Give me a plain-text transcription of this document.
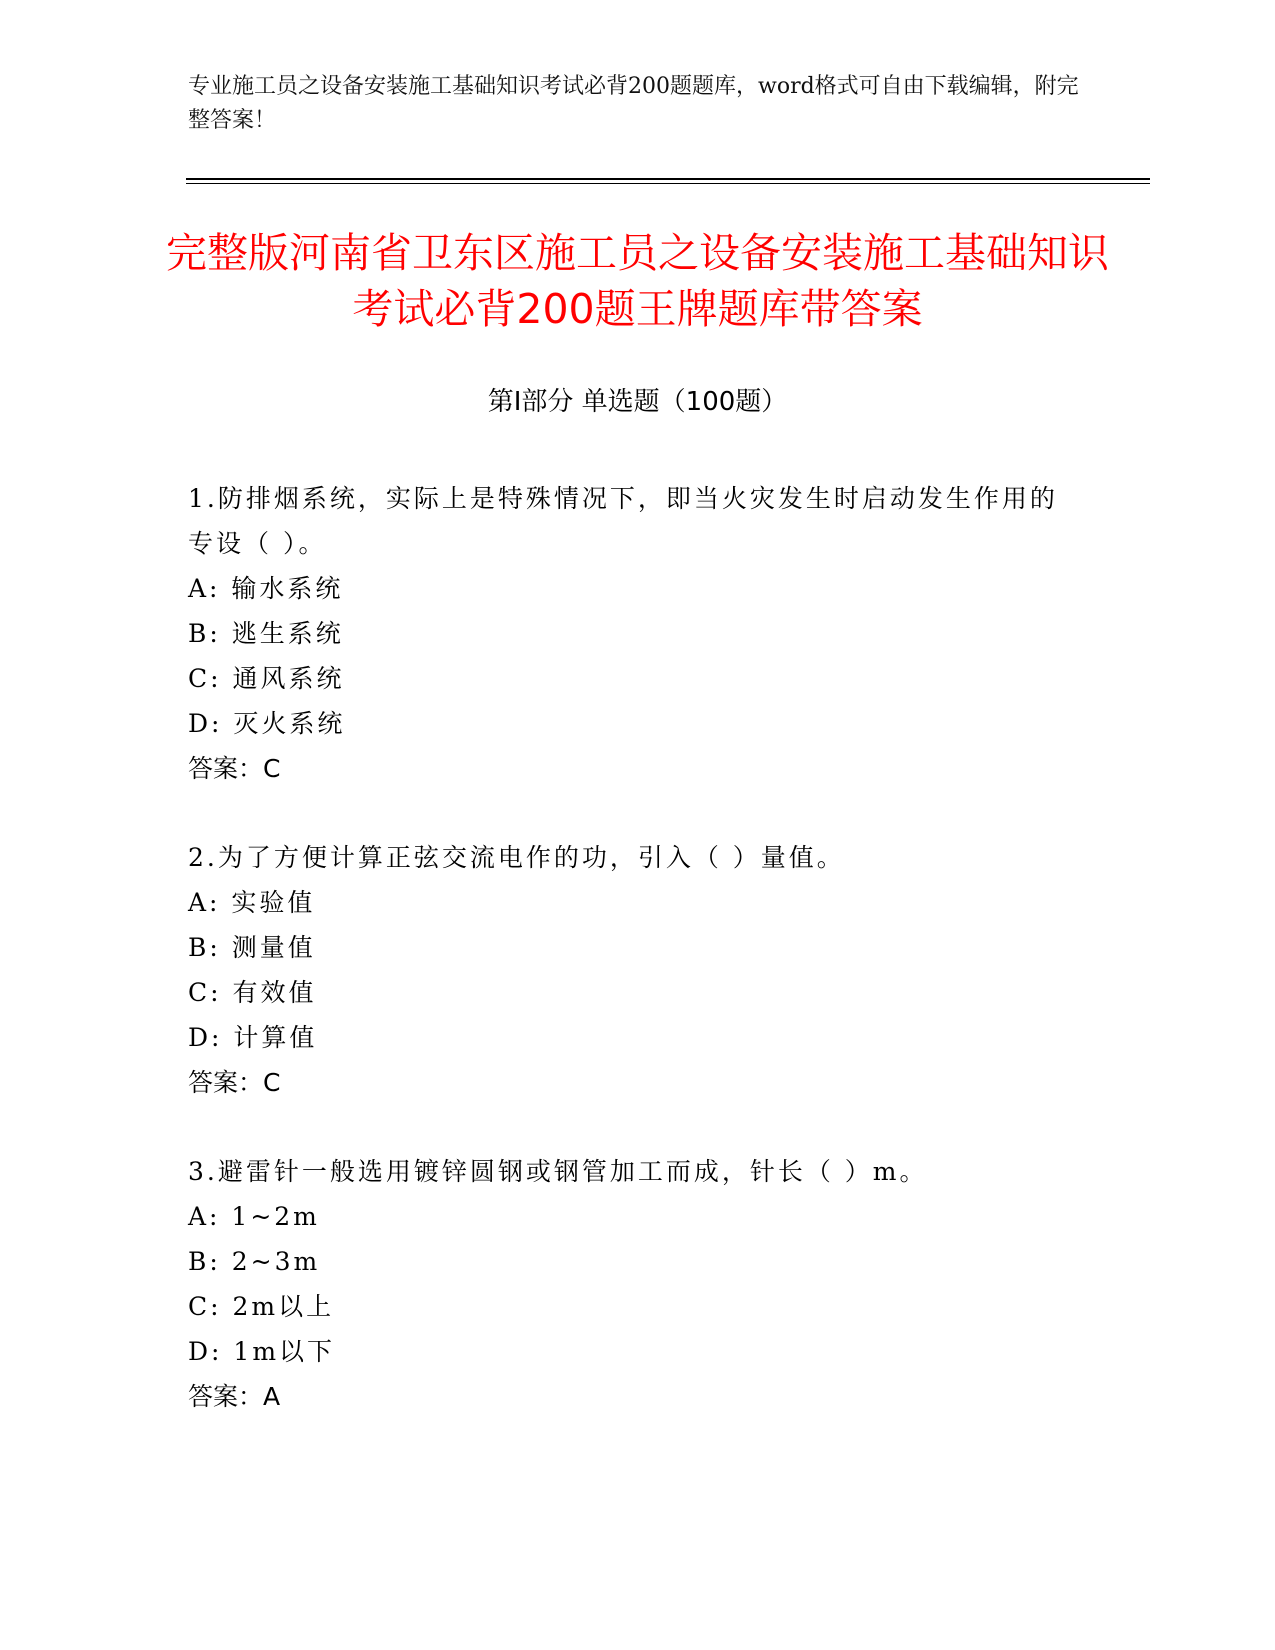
专业施工员之设备安装施工基础知识考试必背200题题库，word格式可自由下载编辑，附完整答案！
完整版河南省卫东区施工员之设备安装施工基础知识考试必背200题王牌题库带答案
第Ⅰ部分 单选题（100题）

1.防排烟系统，实际上是特殊情况下，即当火灾发生时启动发生作用的专设（ ）。

A: 输水系统

B: 逃生系统

C: 通风系统

D: 灭火系统

答案：C

2.为了方便计算正弦交流电作的功，引入（ ）量值。

A: 实验值

B: 测量值

C: 有效值

D: 计算值

答案：C

3.避雷针一般选用镀锌圆钢或钢管加工而成，针长（ ）m。

A: 1~2m

B: 2~3m

C: 2m以上

D: 1m以下

答案：A
